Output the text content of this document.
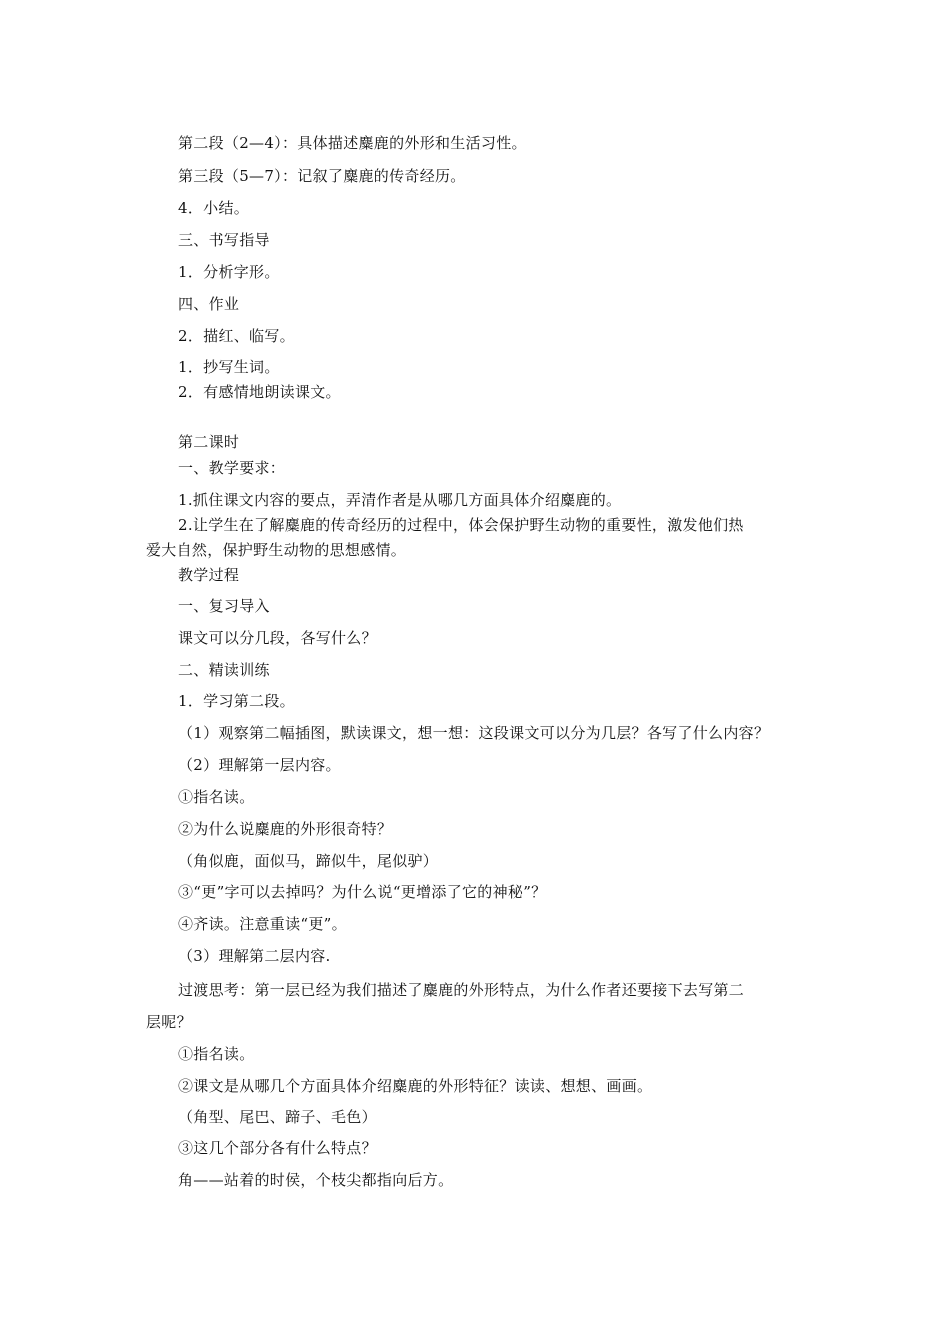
第二段（2—4）：具体描述麋鹿的外形和生活习性。
第三段（5—7）：记叙了麋鹿的传奇经历。
4．小结。
三、书写指导
1．分析字形。
四、作业
2．描红、临写。
1．抄写生词。
2．有感情地朗读课文。
第二课时
一、教学要求：
1.抓住课文内容的要点，弄清作者是从哪几方面具体介绍麋鹿的。
2.让学生在了解麋鹿的传奇经历的过程中，体会保护野生动物的重要性，激发他们热
爱大自然，保护野生动物的思想感情。
教学过程
一、复习导入
课文可以分几段，各写什么？
二、精读训练
1．学习第二段。
（1）观察第二幅插图，默读课文，想一想：这段课文可以分为几层？各写了什么内容？
（2）理解第一层内容。
①指名读。
②为什么说麋鹿的外形很奇特？
（角似鹿，面似马，蹄似牛，尾似驴）
③“更”字可以去掉吗？为什么说“更增添了它的神秘”？
④齐读。注意重读“更”。
（3）理解第二层内容.
过渡思考：第一层已经为我们描述了麋鹿的外形特点，为什么作者还要接下去写第二
层呢？
①指名读。
②课文是从哪几个方面具体介绍麋鹿的外形特征？读读、想想、画画。
（角型、尾巴、蹄子、毛色）
③这几个部分各有什么特点？
角——站着的时侯，个枝尖都指向后方。
